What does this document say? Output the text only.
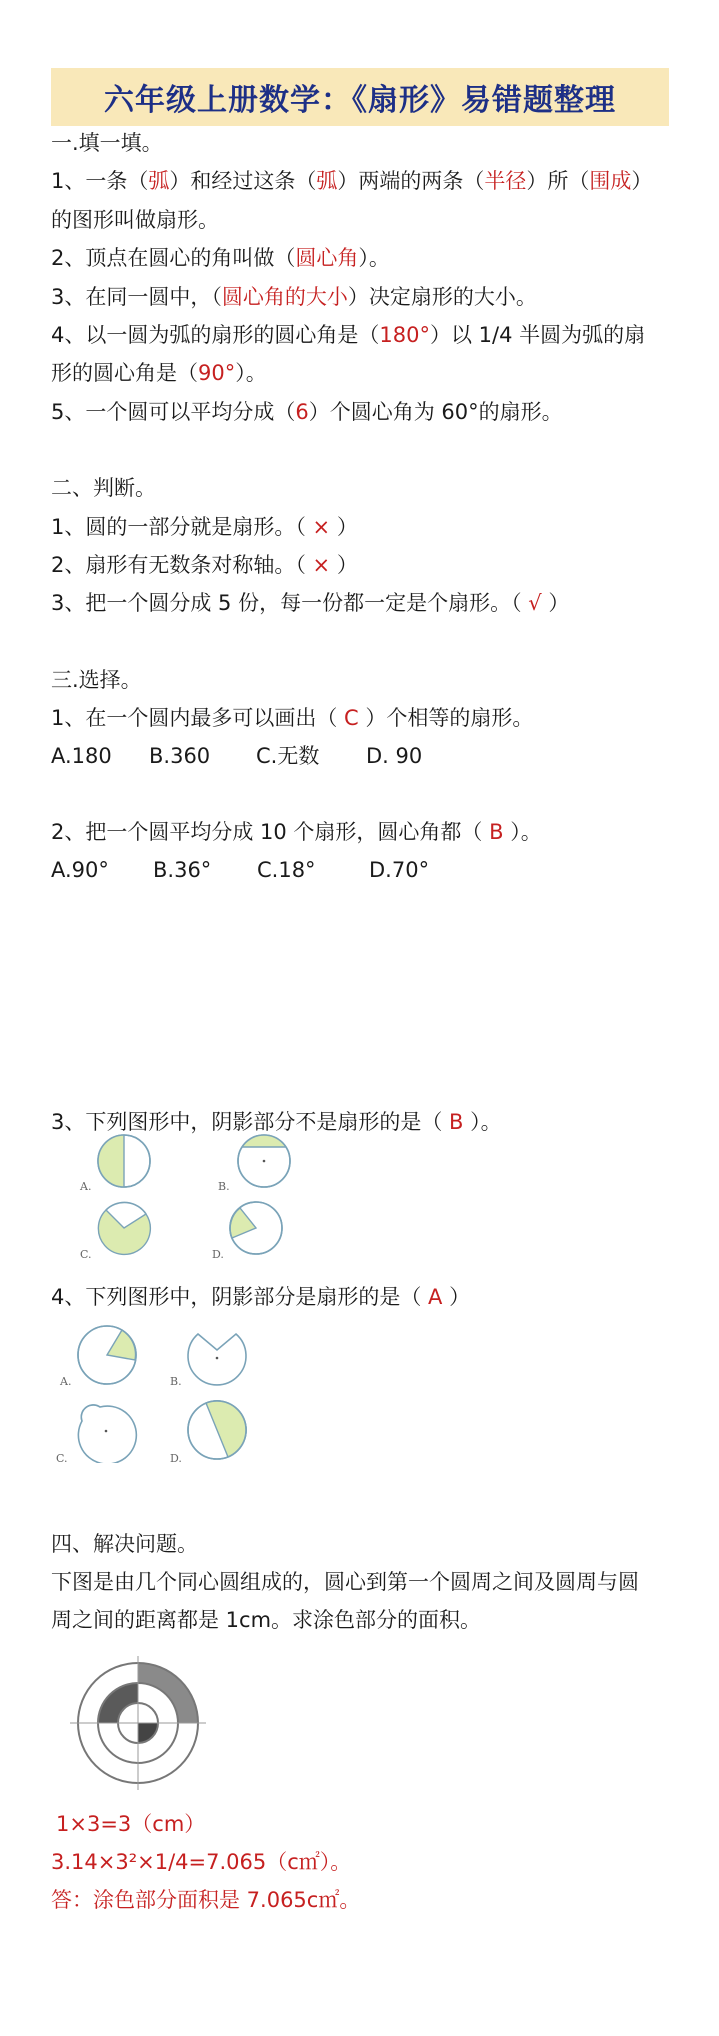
六年级上册数学：《扇形》易错题整理
一.填一填。
1、一条（弧）和经过这条（弧）两端的两条（半径）所（围成）
的图形叫做扇形。
2、顶点在圆心的角叫做（圆心角）。
3、在同一圆中，（圆心角的大小）决定扇形的大小。
4、以一圆为弧的扇形的圆心角是（180°）以 1/4 半圆为弧的扇
形的圆心角是（90°）。
5、一个圆可以平均分成（6）个圆心角为 60°的扇形。
二、判断。
1、圆的一部分就是扇形。（ × ）
2、扇形有无数条对称轴。（ × ）
3、把一个圆分成 5 份，每一份都一定是个扇形。（ √ ）
三.选择。
1、在一个圆内最多可以画出（ C ）个相等的扇形。
A.180 B.360 C.无数 D. 90
2、把一个圆平均分成 10 个扇形，圆心角都（ B ）。
A.90° B.36° C.18°	D.70°
3、下列图形中，阴影部分不是扇形的是（ B ）。
A.	B.
C.	D.
4、下列图形中，阴影部分是扇形的是（ A ）
A.	B.
C.	D.
四、解决问题。
下图是由几个同心圆组成的，圆心到第一个圆周之间及圆周与圆
周之间的距离都是 1cm。求涂色部分的面积。
1×3=3（cm）
3.14×3²×1/4=7.065（c㎡）。
答：涂色部分面积是 7.065c㎡。
